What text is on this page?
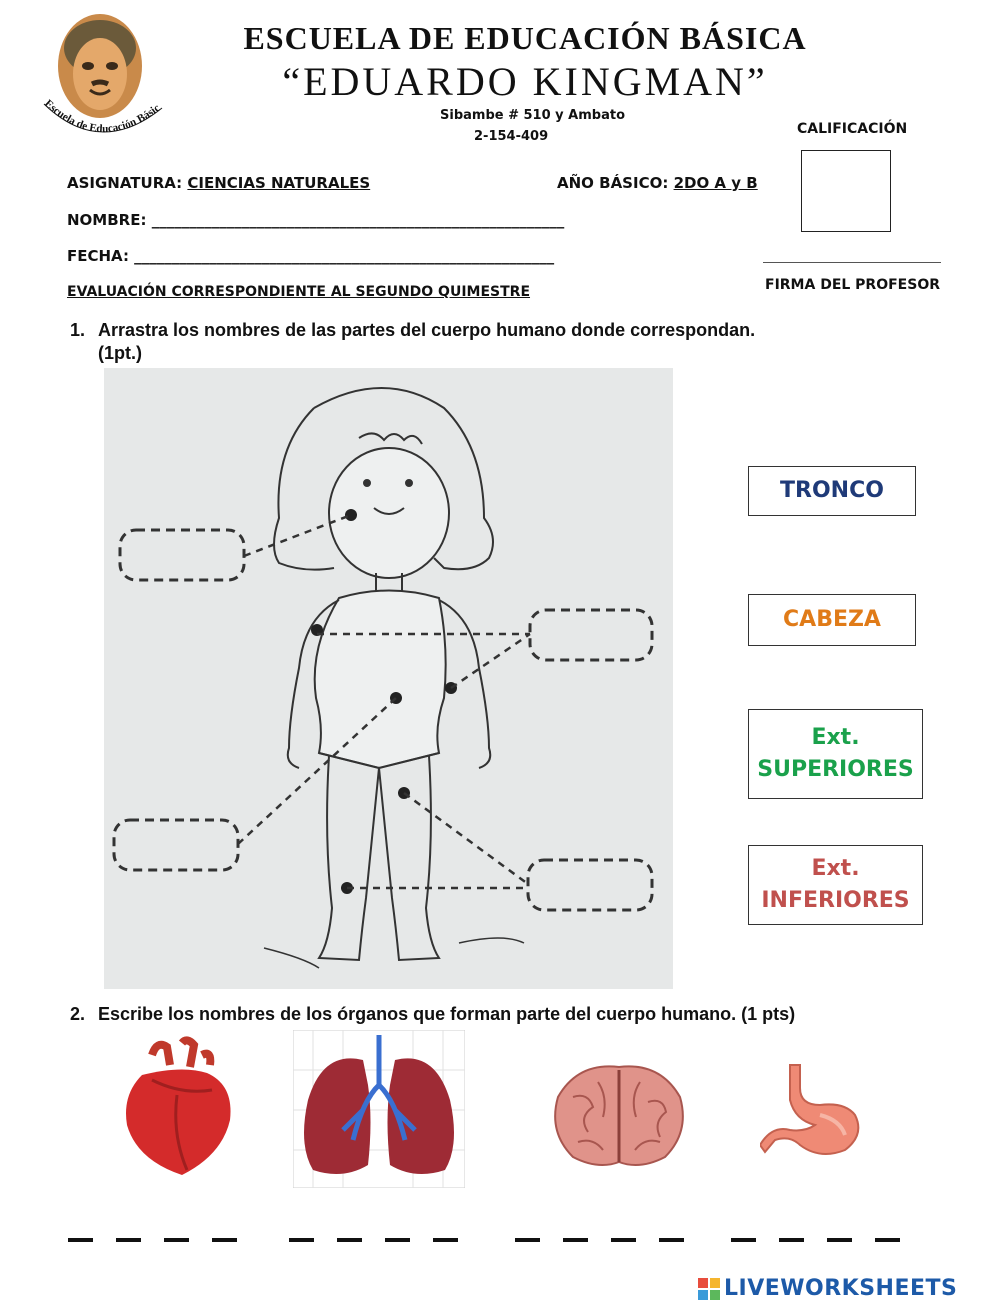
Escuela de Educación Básic
ESCUELA DE EDUCACIÓN BÁSICA
“EDUARDO KINGMAN”
Sibambe # 510 y Ambato
2-154-409	CALIFICACIÓN
FIRMA DEL PROFESOR
ASIGNATURA: CIENCIAS NATURALES	AÑO BÁSICO: 2DO A y B
NOMBRE: _______________________________________________________
FECHA: ________________________________________________________
EVALUACIÓN CORRESPONDIENTE AL SEGUNDO QUIMESTRE
1. Arrastra los nombres de las partes del cuerpo humano donde correspondan.
(1pt.)
TRONCO
CABEZA
Ext.
SUPERIORES
Ext.
INFERIORES
2. Escribe los nombres de los órganos que forman parte del cuerpo humano. (1 pts)
LIVEWORKSHEETS
